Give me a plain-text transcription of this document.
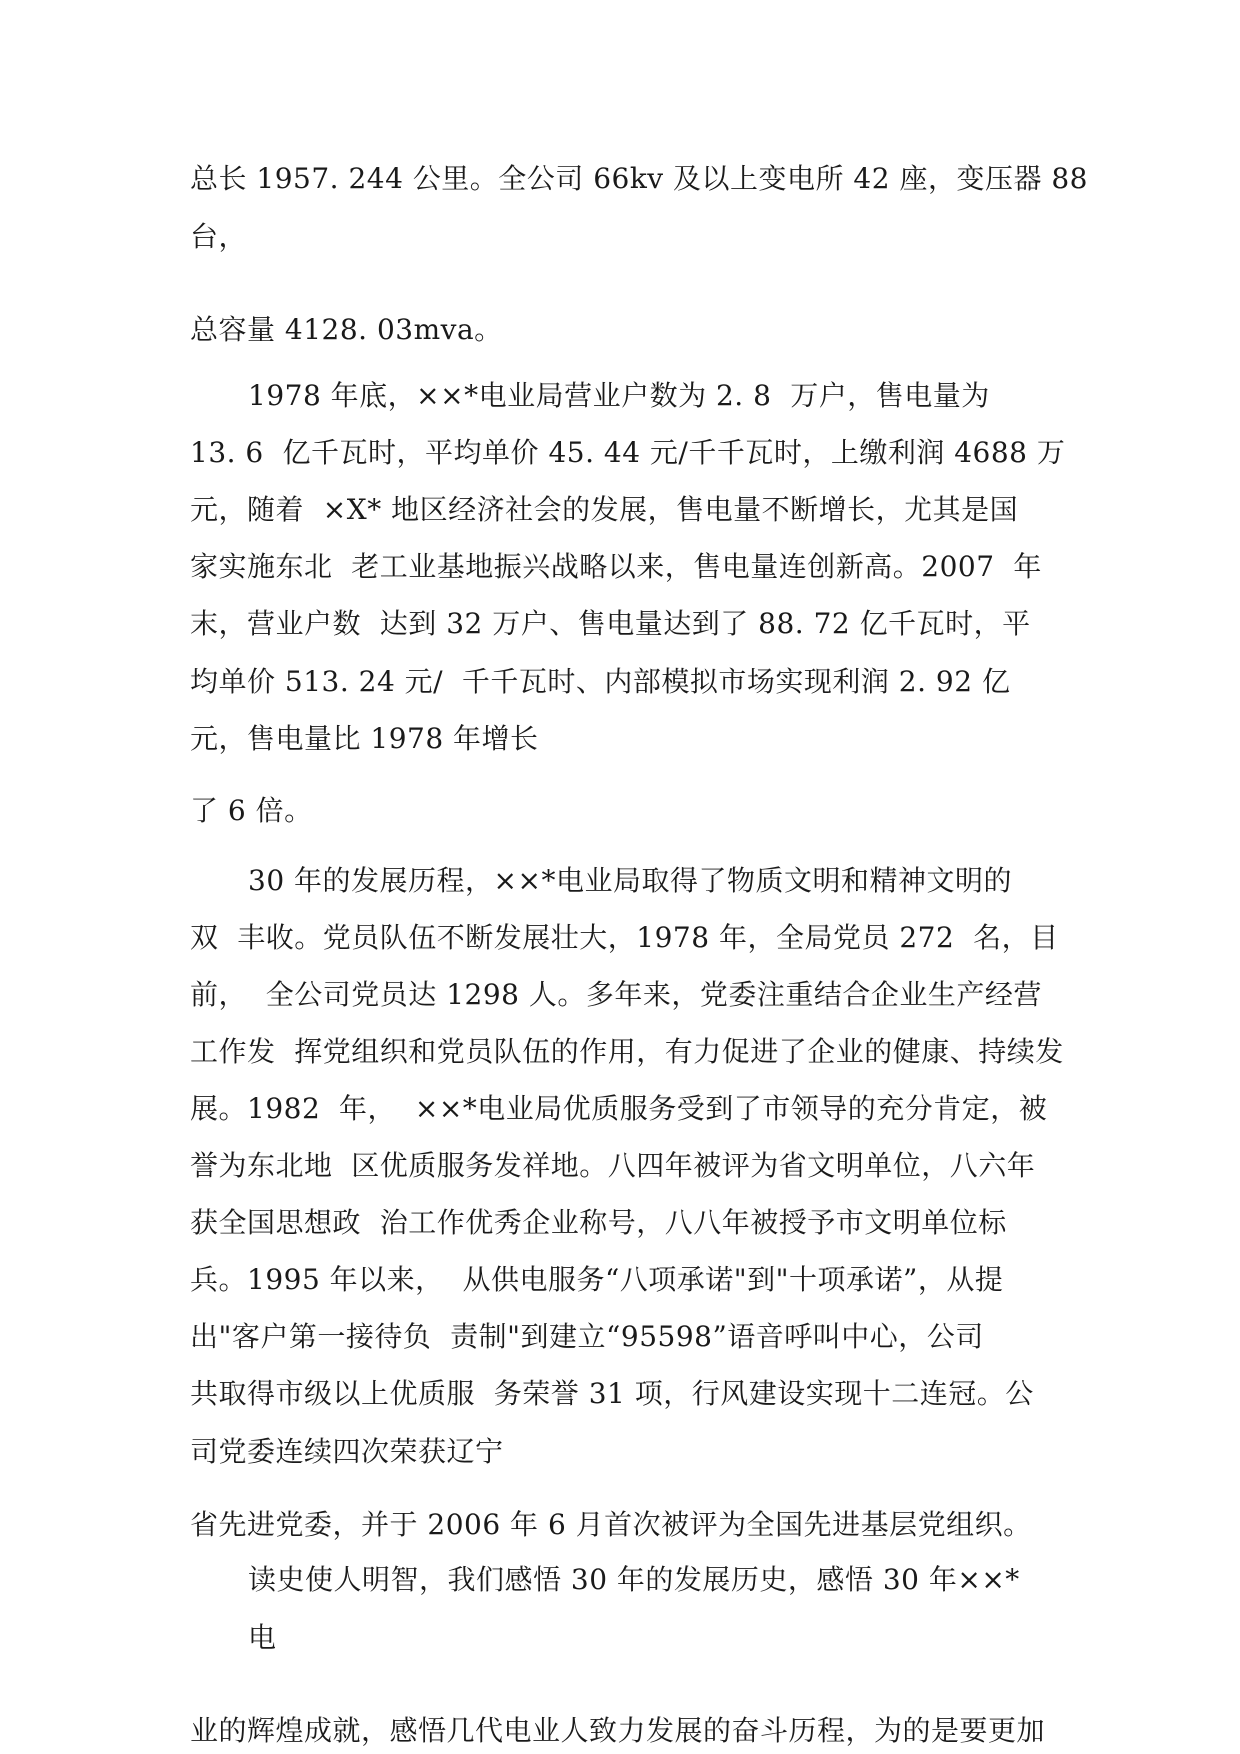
总长 1957. 244 公里。全公司 66kv 及以上变电所 42 座，变压器 88
台，
总容量 4128. 03mva。
1978 年底，××*电业局营业户数为 2. 8  万户，售电量为
13. 6  亿千瓦时，平均单价 45. 44 元/千千瓦时，上缴利润 4688 万
元，随着  ×X* 地区经济社会的发展，售电量不断增长，尤其是国
家实施东北  老工业基地振兴战略以来，售电量连创新高。2007  年
末，营业户数  达到 32 万户、售电量达到了 88. 72 亿千瓦时，平
均单价 513. 24 元/  千千瓦时、内部模拟市场实现利润 2. 92 亿
元，售电量比 1978 年增长
了 6 倍。
30 年的发展历程，××*电业局取得了物质文明和精神文明的
双  丰收。党员队伍不断发展壮大，1978 年，全局党员 272  名，目
前，  全公司党员达 1298 人。多年来，党委注重结合企业生产经营
工作发  挥党组织和党员队伍的作用，有力促进了企业的健康、持续发
展。1982  年，  ××*电业局优质服务受到了市领导的充分肯定，被
誉为东北地  区优质服务发祥地。八四年被评为省文明单位，八六年
获全国思想政  治工作优秀企业称号，八八年被授予市文明单位标
兵。1995 年以来，  从供电服务“八项承诺"到"十项承诺”，从提
出"客户第一接待负  责制"到建立“95598”语音呼叫中心，公司
共取得市级以上优质服  务荣誉 31 项，行风建设实现十二连冠。公
司党委连续四次荣获辽宁
省先进党委，并于 2006 年 6 月首次被评为全国先进基层党组织。
读史使人明智，我们感悟 30 年的发展历史，感悟 30 年××*
电
业的辉煌成就，感悟几代电业人致力发展的奋斗历程，为的是要更加
